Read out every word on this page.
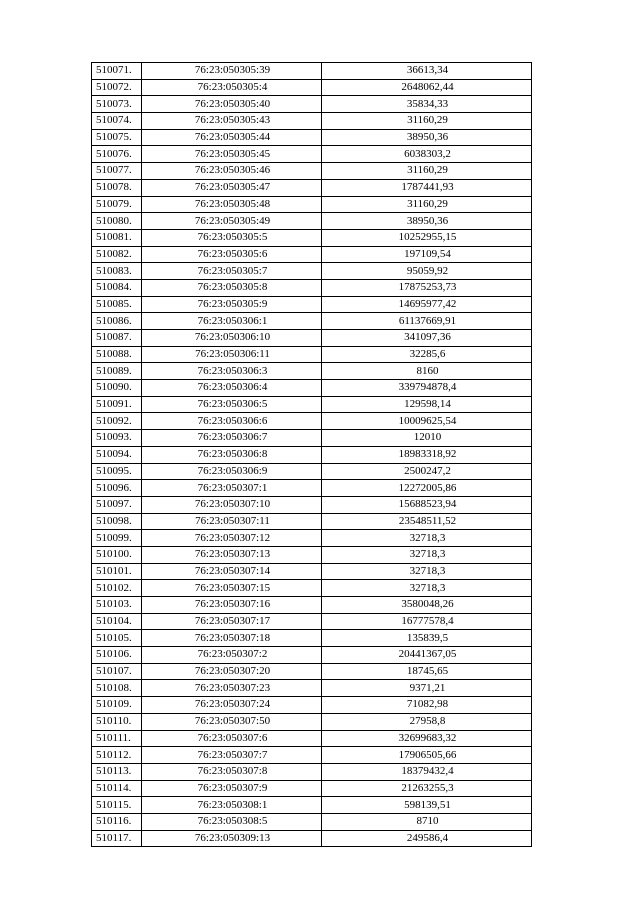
510071.	76:23:050305:39	36613,34
510072.	76:23:050305:4	2648062,44
510073.	76:23:050305:40	35834,33
510074.	76:23:050305:43	31160,29
510075.	76:23:050305:44	38950,36
510076.	76:23:050305:45	6038303,2
510077.	76:23:050305:46	31160,29
510078.	76:23:050305:47	1787441,93
510079.	76:23:050305:48	31160,29
510080.	76:23:050305:49	38950,36
510081.	76:23:050305:5	10252955,15
510082.	76:23:050305:6	197109,54
510083.	76:23:050305:7	95059,92
510084.	76:23:050305:8	17875253,73
510085.	76:23:050305:9	14695977,42
510086.	76:23:050306:1	61137669,91
510087.	76:23:050306:10	341097,36
510088.	76:23:050306:11	32285,6
510089.	76:23:050306:3	8160
510090.	76:23:050306:4	339794878,4
510091.	76:23:050306:5	129598,14
510092.	76:23:050306:6	10009625,54
510093.	76:23:050306:7	12010
510094.	76:23:050306:8	18983318,92
510095.	76:23:050306:9	2500247,2
510096.	76:23:050307:1	12272005,86
510097.	76:23:050307:10	15688523,94
510098.	76:23:050307:11	23548511,52
510099.	76:23:050307:12	32718,3
510100.	76:23:050307:13	32718,3
510101.	76:23:050307:14	32718,3
510102.	76:23:050307:15	32718,3
510103.	76:23:050307:16	3580048,26
510104.	76:23:050307:17	16777578,4
510105.	76:23:050307:18	135839,5
510106.	76:23:050307:2	20441367,05
510107.	76:23:050307:20	18745,65
510108.	76:23:050307:23	9371,21
510109.	76:23:050307:24	71082,98
510110.	76:23:050307:50	27958,8
510111.	76:23:050307:6	32699683,32
510112.	76:23:050307:7	17906505,66
510113.	76:23:050307:8	18379432,4
510114.	76:23:050307:9	21263255,3
510115.	76:23:050308:1	598139,51
510116.	76:23:050308:5	8710
510117.	76:23:050309:13	249586,4
